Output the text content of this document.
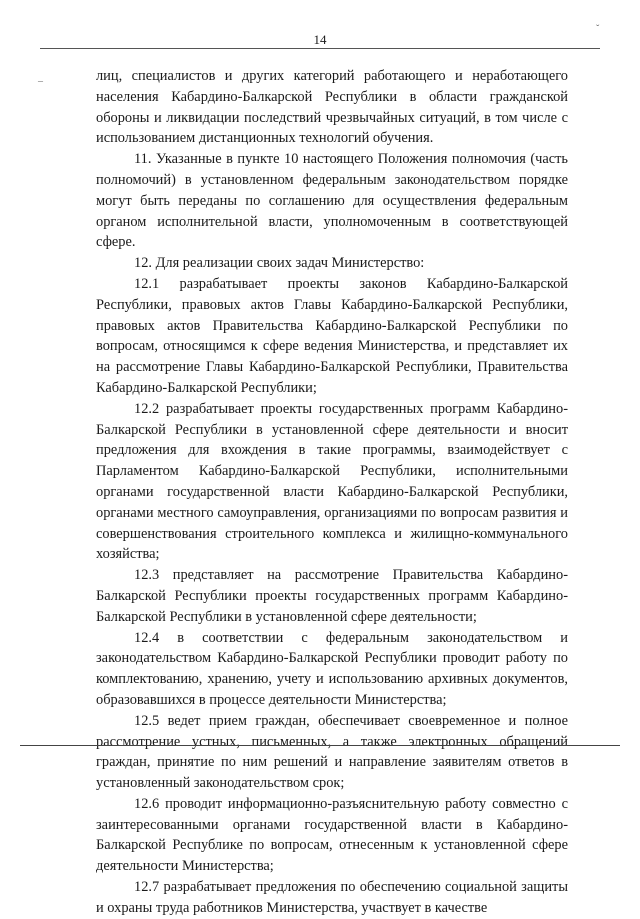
14

лиц, специалистов и других категорий работающего и неработающего населения Кабардино-Балкарской Республики в области гражданской обороны и ликвидации последствий чрезвычайных ситуаций, в том числе с использованием дистанционных технологий обучения.

11. Указанные в пункте 10 настоящего Положения полномочия (часть полномочий) в установленном федеральным законодательством порядке могут быть переданы по соглашению для осуществления федеральным органом исполнительной власти, уполномоченным в соответствующей сфере.

12. Для реализации своих задач Министерство:

12.1 разрабатывает проекты законов Кабардино-Балкарской Республики, правовых актов Главы Кабардино-Балкарской Республики, правовых актов Правительства Кабардино-Балкарской Республики по вопросам, относящимся к сфере ведения Министерства, и представляет их на рассмотрение Главы Кабардино-Балкарской Республики, Правительства Кабардино-Балкарской Республики;

12.2 разрабатывает проекты государственных программ Кабардино-Балкарской Республики в установленной сфере деятельности и вносит предложения для вхождения в такие программы, взаимодействует с Парламентом Кабардино-Балкарской Республики, исполнительными органами государственной власти Кабардино-Балкарской Республики, органами местного самоуправления, организациями по вопросам развития и совершенствования строительного комплекса и жилищно-коммунального хозяйства;

12.3 представляет на рассмотрение Правительства Кабардино-Балкарской Республики проекты государственных программ Кабардино-Балкарской Республики в установленной сфере деятельности;

12.4 в соответствии с федеральным законодательством и законодательством Кабардино-Балкарской Республики проводит работу по комплектованию, хранению, учету и использованию архивных документов, образовавшихся в процессе деятельности Министерства;

12.5 ведет прием граждан, обеспечивает своевременное и полное рассмотрение устных, письменных, а также электронных обращений граждан, принятие по ним решений и направление заявителям ответов в установленный законодательством срок;

12.6 проводит информационно-разъяснительную работу совместно с заинтересованными органами государственной власти в Кабардино-Балкарской Республике по вопросам, отнесенным к установленной сфере деятельности Министерства;

12.7 разрабатывает предложения по обеспечению социальной защиты и охраны труда работников Министерства, участвует в качестве

ˇ
–
